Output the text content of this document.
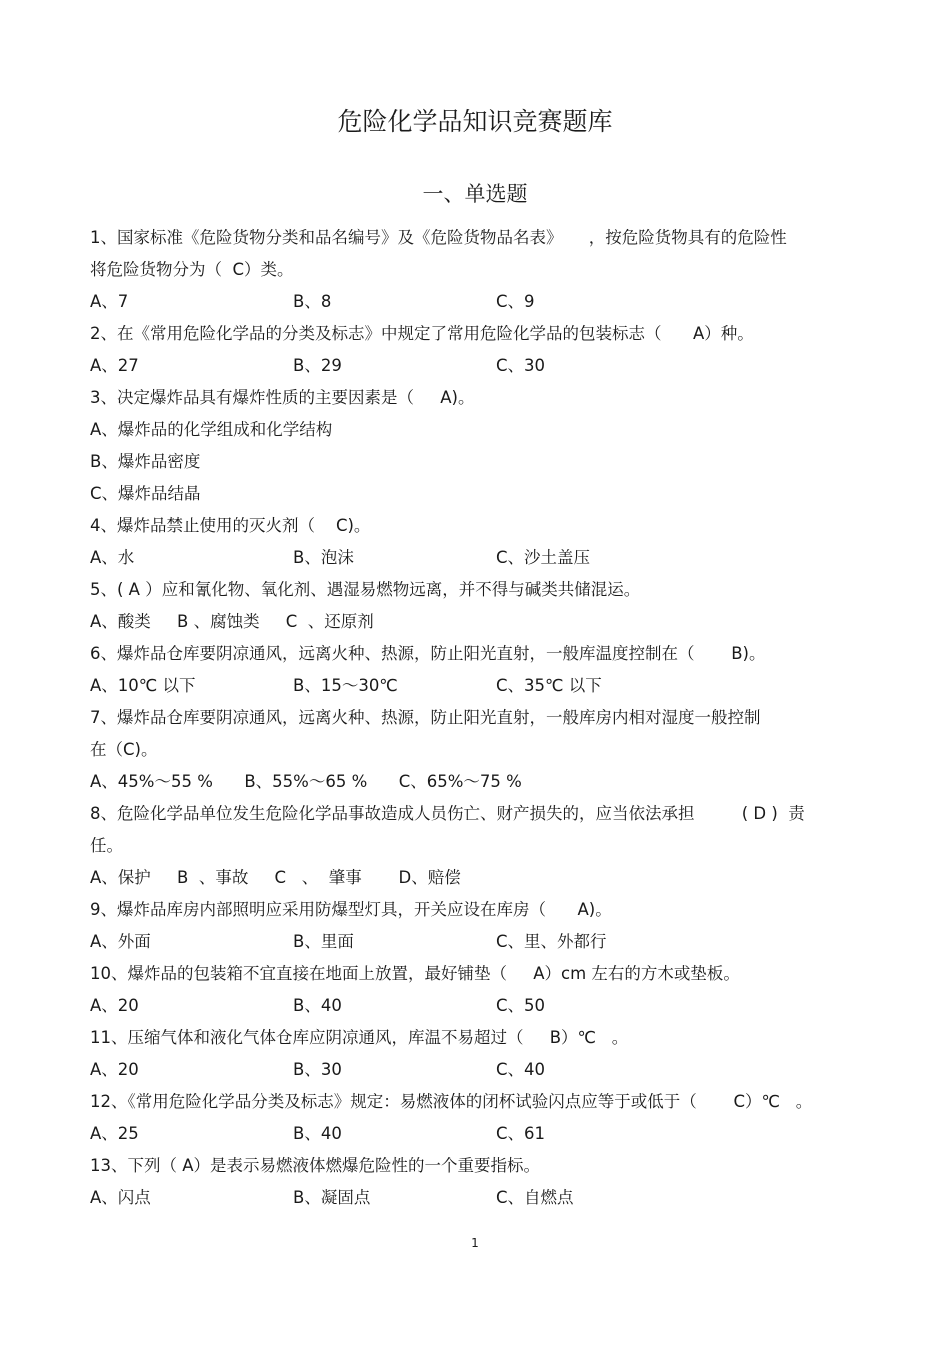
危险化学品知识竞赛题库
一、单选题
1、国家标准《危险货物分类和品名编号》及《危险货物品名表》     ，按危险货物具有的危险性
将危险货物分为（  C）类。
A、7	B、8	C、9
2、在《常用危险化学品的分类及标志》中规定了常用危险化学品的包装标志（      A）种。
A、27	B、29	C、30
3、决定爆炸品具有爆炸性质的主要因素是（     A)。
A、爆炸品的化学组成和化学结构
B、爆炸品密度
C、爆炸品结晶
4、爆炸品禁止使用的灭火剂（    C)。
A、水	B、泡沫	C、沙土盖压
5、( A ）应和氰化物、氧化剂、遇湿易燃物远离，并不得与碱类共储混运。
A、酸类     B 、腐蚀类     C  、还原剂
6、爆炸品仓库要阴凉通风，远离火种、热源，防止阳光直射，一般库温度控制在（       B)。
A、10℃ 以下	B、15～30℃	C、35℃ 以下
7、爆炸品仓库要阴凉通风，远离火种、热源，防止阳光直射，一般库房内相对湿度一般控制
在（C)。
A、45%～55 %      B、55%～65 %      C、65%～75 %
8、危险化学品单位发生危险化学品事故造成人员伤亡、财产损失的，应当依法承担         ( D )  责
任。
A、保护     B  、事故     C   、  肇事       D、赔偿
9、爆炸品库房内部照明应采用防爆型灯具，开关应设在库房（      A)。
A、外面	B、里面	C、里、外都行
10、爆炸品的包装箱不宜直接在地面上放置，最好铺垫（     A）cm 左右的方木或垫板。
A、20	B、40	C、50
11、压缩气体和液化气体仓库应阴凉通风，库温不易超过（     B）℃   。
A、20	B、30	C、40
12、《常用危险化学品分类及标志》规定：易燃液体的闭杯试验闪点应等于或低于（       C）℃   。
A、25	B、40	C、61
13、下列（ A）是表示易燃液体燃爆危险性的一个重要指标。
A、闪点	B、凝固点	C、自燃点
1
